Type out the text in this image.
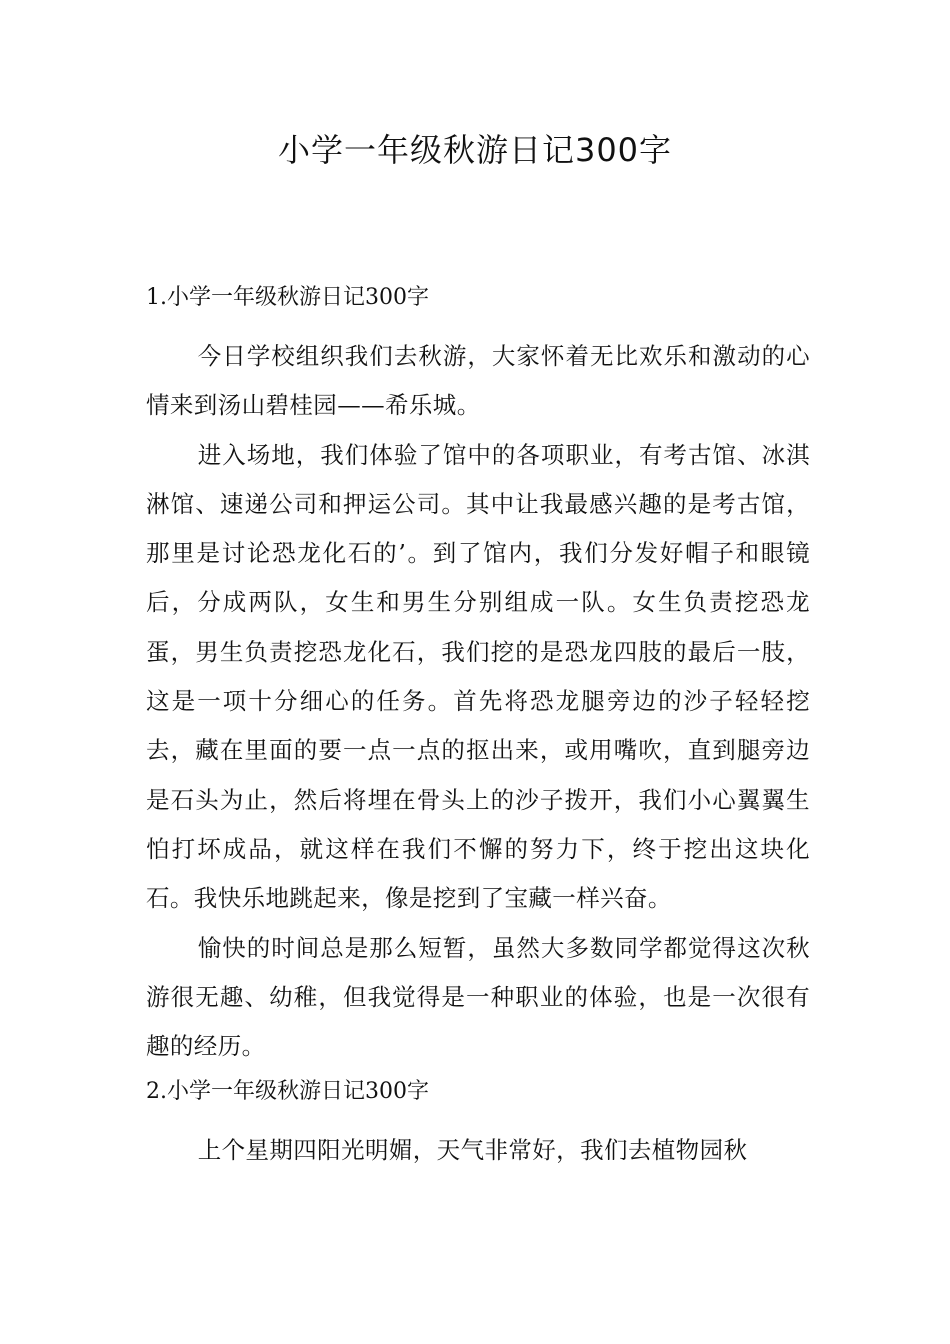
小学一年级秋游日记300字
1.小学一年级秋游日记300字

今日学校组织我们去秋游，大家怀着无比欢乐和激动的心情来到汤山碧桂园——希乐城。

进入场地，我们体验了馆中的各项职业，有考古馆、冰淇淋馆、速递公司和押运公司。其中让我最感兴趣的是考古馆，那里是讨论恐龙化石的’。到了馆内，我们分发好帽子和眼镜后，分成两队，女生和男生分别组成一队。女生负责挖恐龙蛋，男生负责挖恐龙化石，我们挖的是恐龙四肢的最后一肢，这是一项十分细心的任务。首先将恐龙腿旁边的沙子轻轻挖去，藏在里面的要一点一点的抠出来，或用嘴吹，直到腿旁边是石头为止，然后将埋在骨头上的沙子拨开，我们小心翼翼生怕打坏成品，就这样在我们不懈的努力下，终于挖出这块化石。我快乐地跳起来，像是挖到了宝藏一样兴奋。

愉快的时间总是那么短暂，虽然大多数同学都觉得这次秋游很无趣、幼稚，但我觉得是一种职业的体验，也是一次很有趣的经历。

2.小学一年级秋游日记300字

上个星期四阳光明媚，天气非常好，我们去植物园秋
